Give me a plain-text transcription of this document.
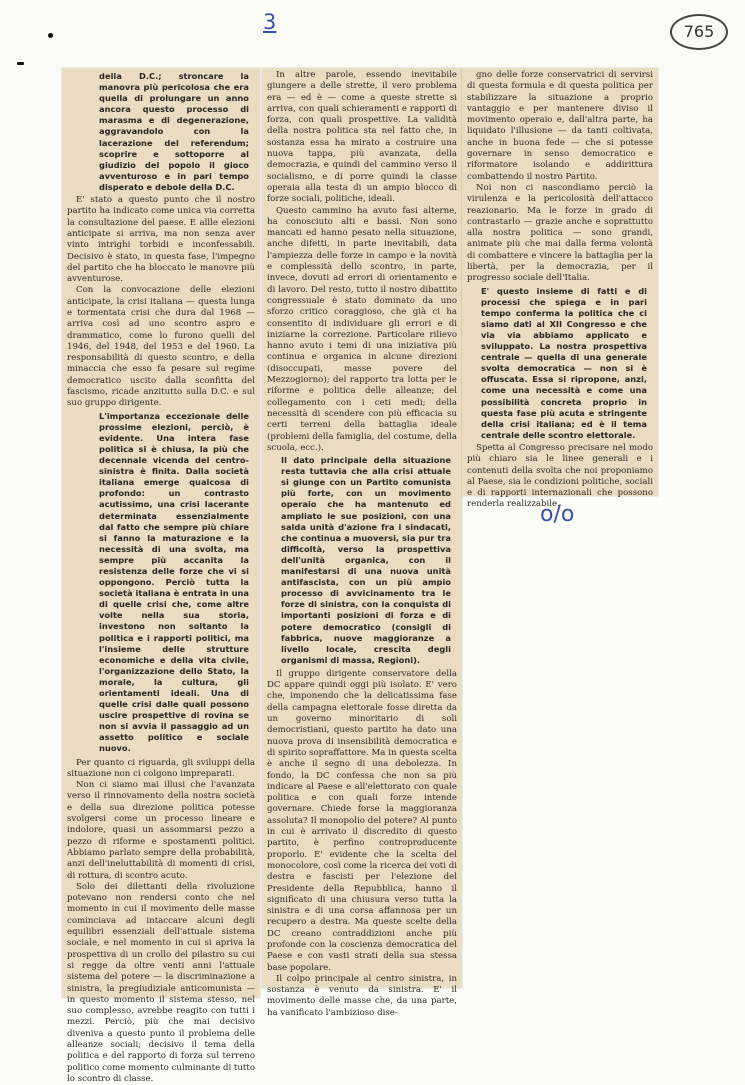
3	765
o/o

della D.C.; stroncare la manovra più pericolosa che era quella di prolungare un anno ancora questo processo di marasma e di degenerazione, aggravandolo con la lacerazione del referendum; scoprire e sottoporre al giudizio del popolo il gioco avventuroso e in pari tempo disperato e debole della D.C.

E' stato a questo punto che il nostro partito ha indicato come unica via corretta la consultazione del paese. E allle elezioni anticipate si arriva, ma non senza aver vinto intrighi torbidi e inconfessabili. Decisivo è stato, in questa fase, l'impegno del partito che ha bloccato le manovre più avventurose.

Con la convocazione delle elezioni anticipate, la crisi italiana — questa lunga e tormentata crisi che dura dal 1968 — arriva così ad uno scontro aspro e drammatico, come lo furono quelli del 1946, del 1948, del 1953 e del 1960. La responsabilità di questo scontro, e della minaccia che esso fa pesare sul regime democratico uscito dalla sconfitta del fascismo, ricade anzitutto sulla D.C. e sul suo gruppo dirigente.

L'importanza eccezionale delle prossime elezioni, perciò, è evidente. Una intera fase politica si è chiusa, la più che decennale vicenda del centro-sinistra è finita. Dalla società italiana emerge qualcosa di profondo: un contrasto acutissimo, una crisi lacerante determinata essenzialmente dal fatto che sempre più chiare si fanno la maturazione e la necessità di una svolta, ma sempre più accanita la resistenza delle forze che vi si oppongono. Perciò tutta la società italiana è entrata in una di quelle crisi che, come altre volte nella sua storia, investono non soltanto la politica e i rapporti politici, ma l'insieme delle strutture economiche e della vita civile, l'organizzazione dello Stato, la morale, la cultura, gli orientamenti ideali. Una di quelle crisi dalle quali possono uscire prospettive di rovina se non si avvia il passaggio ad un assetto politico e sociale nuovo.

Per quanto ci riguarda, gli sviluppi della situazione non ci colgono impreparati.

Non ci siamo mai illusi che l'avanzata verso il rinnovamento della nostra società e della sua direzione politica potesse svolgersi come un processo lineare e indolore, quasi un assommarsi pezzo a pezzo di riforme e spostamenti politici. Abbiamo parlato sempre della probabilità, anzi dell'ineluttabilità di momenti di crisi, di rottura, di scontro acuto.

Solo dei dilettanti della rivoluzione potevano non rendersi conto che nel momento in cui il movimento delle masse cominciava ad intaccare alcuni degli equilibri essenziali dell'attuale sistema sociale, e nel momento in cui si apriva la prospettiva di un crollo del pilastro su cui si regge da oltre venti anni l'attuale sistema del potere — la discriminazione a sinistra, la pregiudiziale anticomunista — in questo momento il sistema stesso, nel suo complesso, avrebbe reagito con tutti i mezzi. Perciò, più che mai decisivo diveniva a questo punto il problema delle alleanze sociali; decisivo il tema della politica e del rapporto di forza sul terreno politico come momento culminante di tutto lo scontro di classe.

In altre parole, essendo inevitabile giungere a delle strette, il vero problema era — ed è — come a queste strette si arriva, con quali schieramenti e rapporti di forza, con quali prospettive. La validità della nostra politica sta nel fatto che, in sostanza essa ha mirato a costruire una nuova tappa, più avanzata, della democrazia, e quindi del cammino verso il socialismo, e di porre quindi la classe operaia alla testa di un ampio blocco di forze sociali, politiche, ideali.

Questo cammino ha avuto fasi alterne, ha conosciuto alti e bassi. Non sono mancati ed hanno pesato nella situazione, anche difetti, in parte inevitabili, data l'ampiezza delle forze in campo e la novità e complessità dello scontro, in parte, invece, dovuti ad errori di orientamento e di lavoro. Del resto, tutto il nostro dibattito congressuale è stato dominato da uno sforzo critico coraggioso, che già ci ha consentito di individuare gli errori e di iniziarne la correzione. Particolare rilievo hanno avuto i temi di una iniziativa più continua e organica in alcune direzioni (disoccupati, masse povere del Mezzogiorno); del rapporto tra lotta per le riforme e politica delle alleanze; del collegamento con i ceti medi; della necessità di scendere con più efficacia su certi terreni della battaglia ideale (problemi della famiglia, del costume, della scuola, ecc.).

Il dato principale della situazione resta tuttavia che alla crisi attuale si giunge con un Partito comunista più forte, con un movimento operaio che ha mantenuto ed ampliato le sue posizioni, con una salda unità d'azione fra i sindacati, che continua a muoversi, sia pur tra difficoltà, verso la prospettiva dell'unità organica, con il manifestarsi di una nuova unità antifascista, con un più ampio processo di avvicinamento tra le forze di sinistra, con la conquista di importanti posizioni di forza e di potere democratico (consigli di fabbrica, nuove maggioranze a livello locale, crescita degli organismi di massa, Regioni).

Il gruppo dirigente conservatore della DC appare quindi oggi più isolato. E' vero che, imponendo che la delicatissima fase della campagna elettorale fosse diretta da un governo minoritario di soli democristiani, questo partito ha dato una nuova prova di insensibilità democratica e di spirito sopraffattore. Ma in questa scelta è anche il segno di una debolezza. In fondo, la DC confessa che non sa più indicare al Paese e all'elettorato con quale politica e con quali forze intende governare. Chiede forse la maggioranza assoluta? Il monopolio del potere? Al punto in cui è arrivato il discredito di questo partito, è perfino controproducente proporlo. E' evidente che la scelta del monocolore, così come la ricerca dei voti di destra e fascisti per l'elezione del Presidente della Repubblica, hanno il significato di una chiusura verso tutta la sinistra e di una corsa affannosa per un recupero a destra. Ma queste scelte della DC creano contraddizioni anche più profonde con la coscienza democratica del Paese e con vasti strati della sua stessa base popolare.

Il colpo principale al centro sinistra, in sostanza è venuto da sinistra. E' il movimento delle masse che, da una parte, ha vanificato l'ambizioso dise-

gno delle forze conservatrici di servirsi di questa formula e di questa politica per stabilizzare la situazione a proprio vantaggio e per mantenere diviso il movimento operaio e, dall'altra parte, ha liquidato l'illusione — da tanti coltivata, anche in buona fede — che si potesse governare in senso democratico e riformatore isolando e addirittura combattendo il nostro Partito.

Noi non ci nascondiamo perciò la virulenza e la pericolosità dell'attacco reazionario. Ma le forze in grado di contrastarlo — grazie anche e soprattutto alla nostra politica — sono grandi, animate più che mai dalla ferma volontà di combattere e vincere la battaglia per la libertà, per la democrazia, per il progresso sociale dell'Italia.

E' questo insieme di fatti e di processi che spiega e in pari tempo conferma la politica che ci siamo dati al XII Congresso e che via via abbiamo applicato e sviluppato. La nostra prospettiva centrale — quella di una generale svolta democratica — non si è offuscata. Essa si ripropone, anzi, come una necessità e come una possibilità concreta proprio in questa fase più acuta e stringente della crisi italiana; ed è il tema centrale delle scontro elettorale.

Spetta al Congresso precisare nel modo più chiaro sia le linee generali e i contenuti della svolta che noi proponiamo al Paese, sia le condizioni politiche, sociali e di rapporti internazionali che possono renderla realizzabile.
